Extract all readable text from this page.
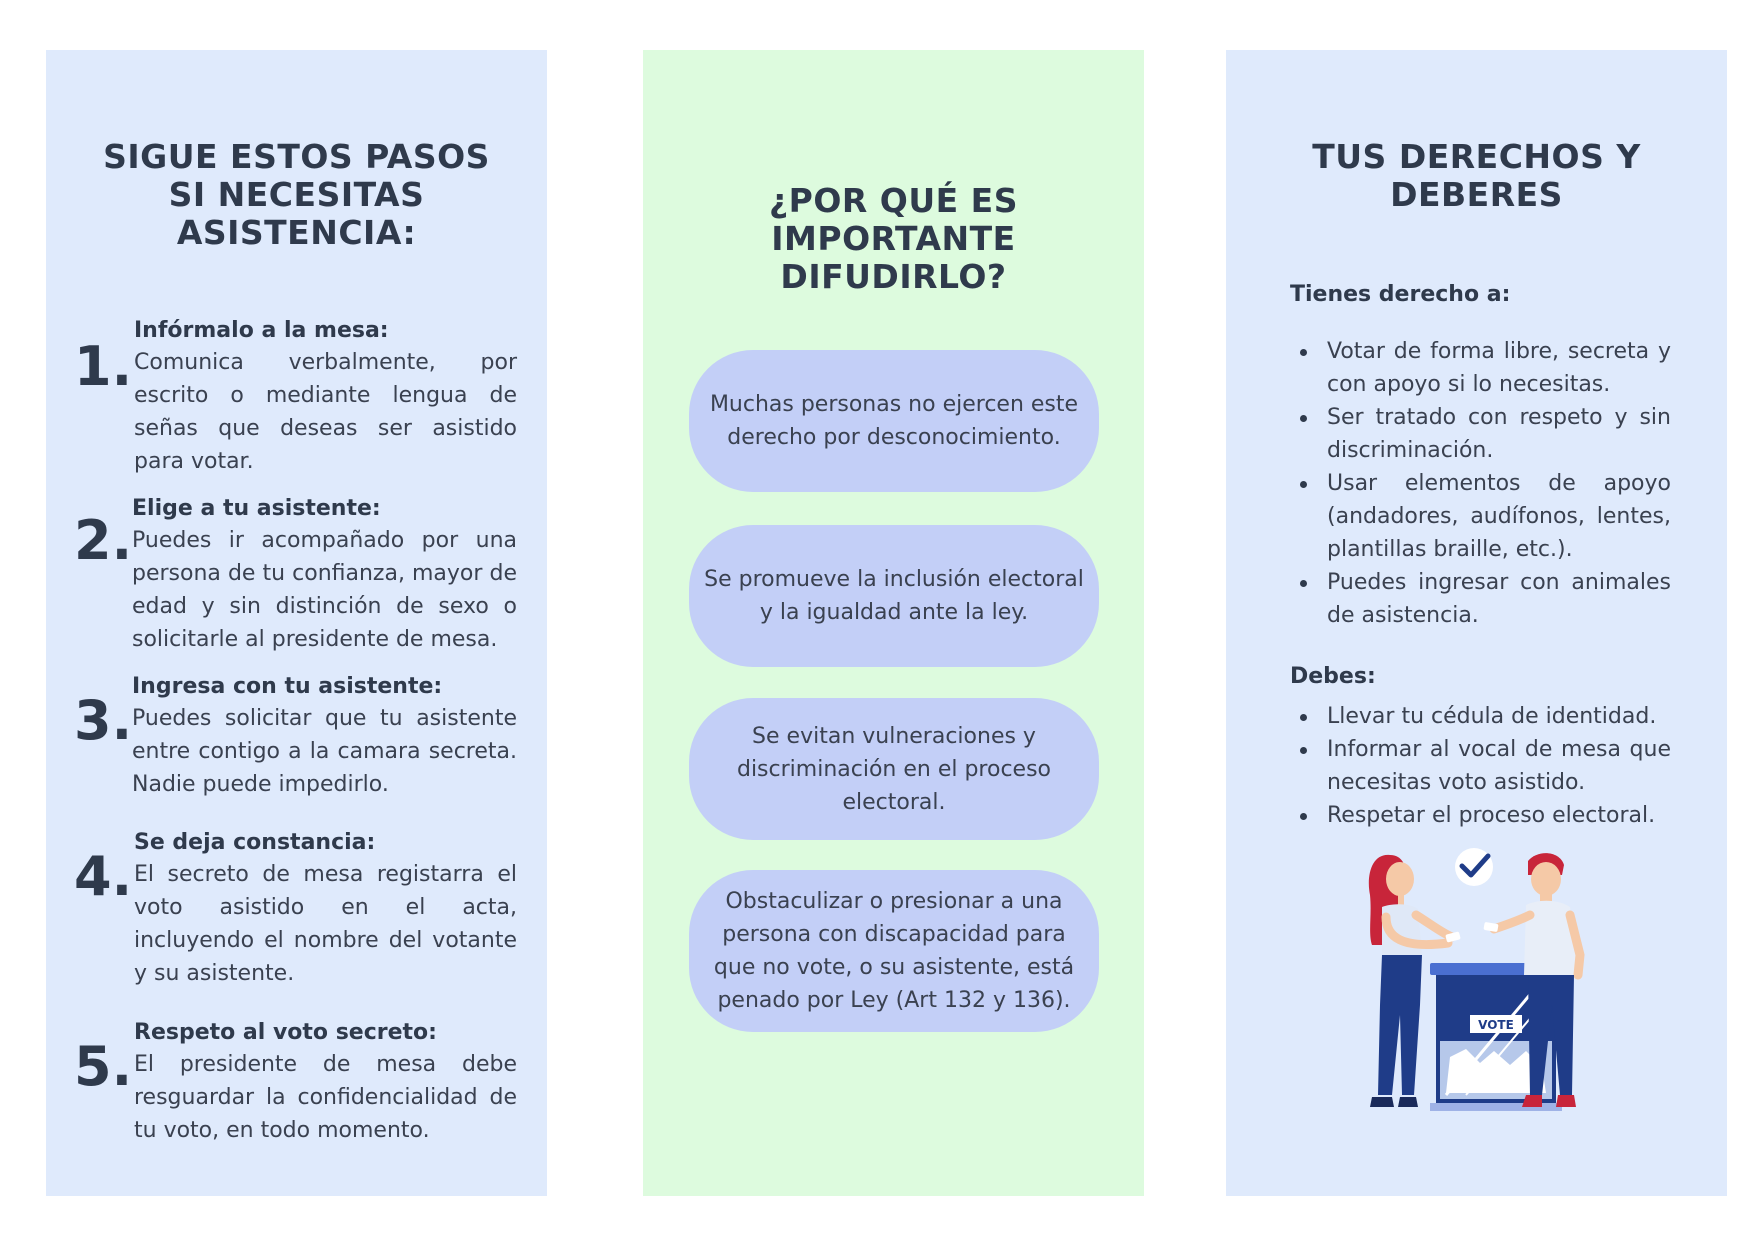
SIGUE ESTOS PASOS
SI NECESITAS
ASISTENCIA:
1.
Infórmalo a la mesa:
Comunica verbalmente, por escrito o mediante lengua de señas que deseas ser asistido para votar.
2.
Elige a tu asistente:
Puedes ir acompañado por una persona de tu confianza, mayor de edad y sin distinción de sexo o solicitarle al presidente de mesa.
3.
Ingresa con tu asistente:
Puedes solicitar que tu asistente entre contigo a la camara secreta. Nadie puede impedirlo.
4.
Se deja constancia:
El secreto de mesa registarra el voto asistido en el acta, incluyendo el nombre del votante y su asistente.
5.
Respeto al voto secreto:
El presidente de mesa debe resguardar la confidencialidad de tu voto, en todo momento.
¿POR QUÉ ES
IMPORTANTE
DIFUDIRLO?
Muchas personas no ejercen este derecho por desconocimiento.
Se promueve la inclusión electoral y la igualdad ante la ley.
Se evitan vulneraciones y discriminación en el proceso electoral.
Obstaculizar o presionar a una persona con discapacidad para que no vote, o su asistente, está penado por Ley (Art 132 y 136).
TUS DERECHOS Y
DEBERES
Tienes derecho a:
Votar de forma libre, secreta y con apoyo si lo necesitas.
Ser tratado con respeto y sin discriminación.
Usar elementos de apoyo (andadores, audífonos, lentes, plantillas braille, etc.).
Puedes ingresar con animales de asistencia.
Debes:
Llevar tu cédula de identidad.
Informar al vocal de mesa que necesitas voto asistido.
Respetar el proceso electoral.
VOTE
